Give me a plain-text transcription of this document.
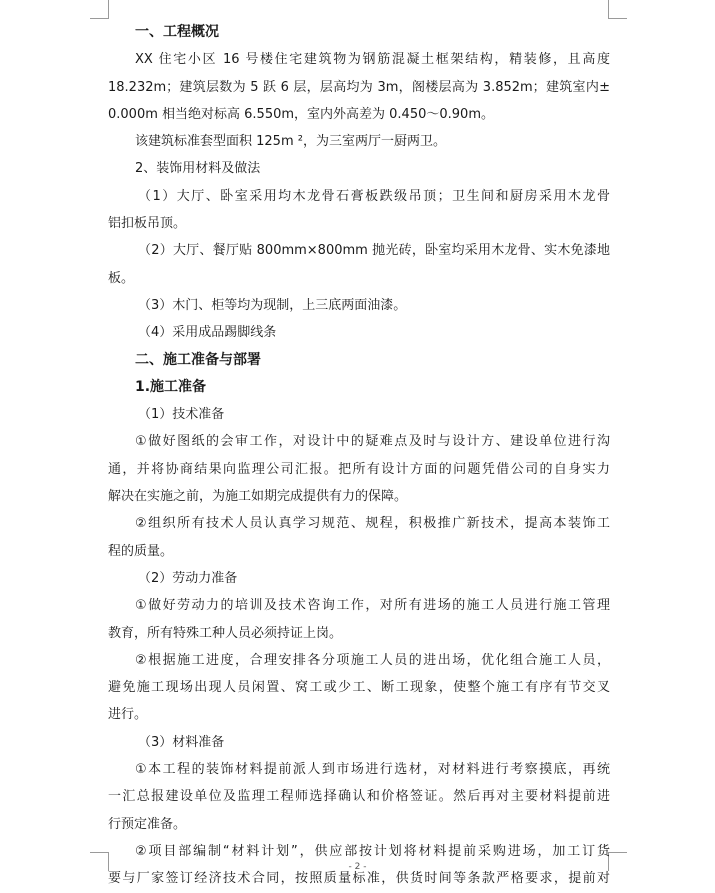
一、工程概况
XX 住宅小区 16 号楼住宅建筑物为钢筋混凝土框架结构，精装修，且高度
18.232m；建筑层数为 5 跃 6 层，层高均为 3m，阁楼层高为 3.852m；建筑室内±
0.000m 相当绝对标高 6.550m，室内外高差为 0.450～0.90m。
该建筑标准套型面积 125m ²，为三室两厅一厨两卫。
2、装饰用材料及做法
（1）大厅、卧室采用均木龙骨石膏板跌级吊顶；卫生间和厨房采用木龙骨
铝扣板吊顶。
（2）大厅、餐厅贴 800mm×800mm 抛光砖，卧室均采用木龙骨、实木免漆地
板。
（3）木门、柜等均为现制，上三底两面油漆。
（4）采用成品踢脚线条
二、施工准备与部署
1.施工准备
（1）技术准备
①做好图纸的会审工作，对设计中的疑难点及时与设计方、建设单位进行沟
通，并将协商结果向监理公司汇报。把所有设计方面的问题凭借公司的自身实力
解决在实施之前，为施工如期完成提供有力的保障。
②组织所有技术人员认真学习规范、规程，积极推广新技术，提高本装饰工
程的质量。
（2）劳动力准备
①做好劳动力的培训及技术咨询工作，对所有进场的施工人员进行施工管理
教育，所有特殊工种人员必须持证上岗。
②根据施工进度，合理安排各分项施工人员的进出场，优化组合施工人员，
避免施工现场出现人员闲置、窝工或少工、断工现象，使整个施工有序有节交叉
进行。
（3）材料准备
①本工程的装饰材料提前派人到市场进行选材，对材料进行考察摸底，再统
一汇总报建设单位及监理工程师选择确认和价格签证。然后再对主要材料提前进
行预定准备。
②项目部编制“材料计划”，供应部按计划将材料提前采购进场，加工订货
要与厂家签订经济技术合同，按照质量标准，供货时间等条款严格要求，提前对
- 2 -
